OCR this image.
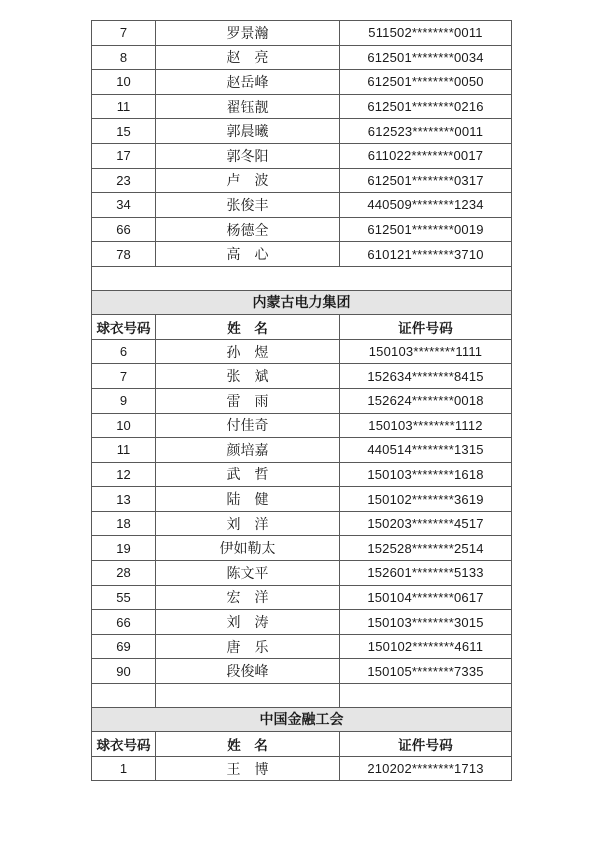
7	罗景瀚	511502********0011
8	赵　亮	612501********0034
10	赵岳峰	612501********0050
11	翟钰靓	612501********0216
15	郭晨曦	612523********0011
17	郭冬阳	611022********0017
23	卢　波	612501********0317
34	张俊丰	440509********1234
66	杨德全	612501********0019
78	高　心	610121********3710

内蒙古电力集团		
球衣号码	姓　名	证件号码
6	孙　煜	150103********1111
7	张　斌	152634********8415
9	雷　雨	152624********0018
10	付佳奇	150103********1112
11	颜培嘉	440514********1315
12	武　哲	150103********1618
13	陆　健	150102********3619
18	刘　洋	150203********4517
19	伊如勒太	152528********2514
28	陈文平	152601********5133
55	宏　洋	150104********0617
66	刘　涛	150103********3015
69	唐　乐	150102********4611
90	段俊峰	150105********7335

中国金融工会		
球衣号码	姓　名	证件号码
1	王　博	210202********1713
